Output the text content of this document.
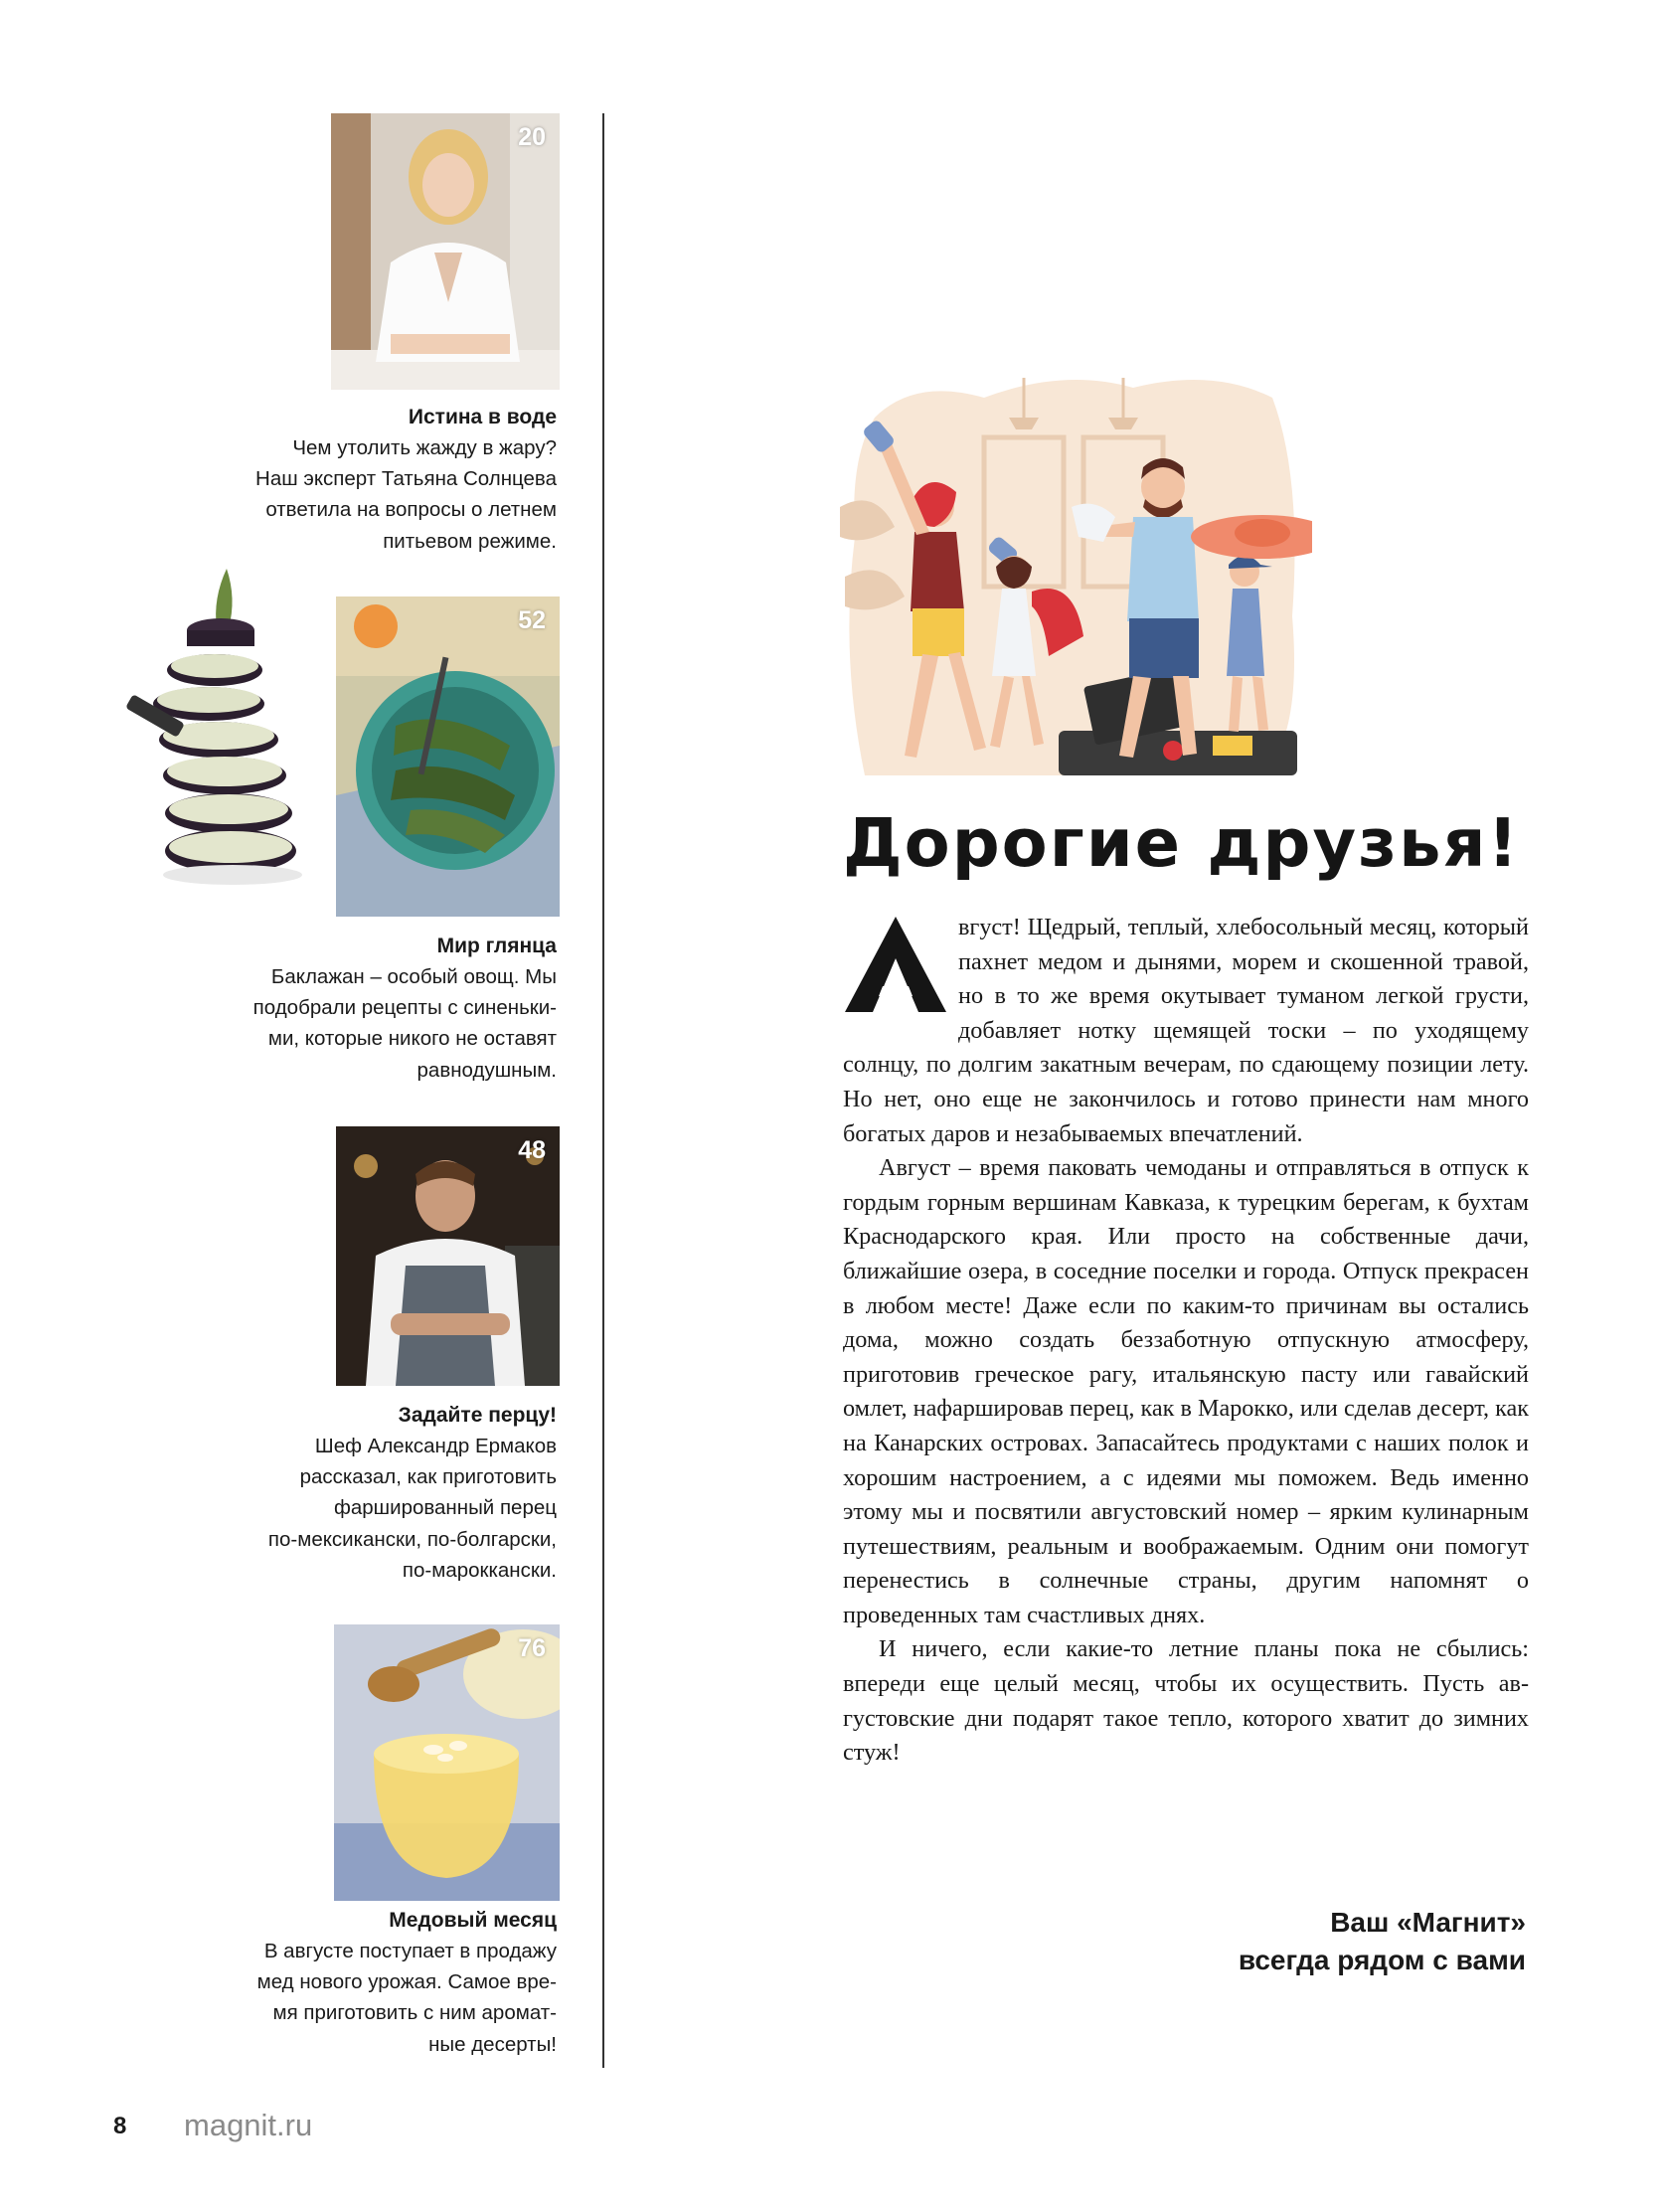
20
Истина в воде
Чем утолить жажду в жару?
Наш эксперт Татьяна Солнцева
ответила на вопросы о летнем
питьевом режиме.
52
Мир глянца
Баклажан – особый овощ. Мы
подобрали рецепты с синеньки-
ми, которые никого не оставят
равнодушным.
48
Задайте перцу!
Шеф Александр Ермаков
рассказал, как приготовить
фаршированный перец
по-мексикански, по-болгарски,
по-мароккански.
76
Медовый месяц
В августе поступает в продажу
мед нового урожая. Самое вре-
мя приготовить с ним аромат-
ные десерты!
Дорогие друзья!

вгуст! Щедрый, теплый, хлебосольный месяц, который пахнет медом и дынями, морем и скошенной травой, но в то же время окутывает туманом легкой грусти, добавляет нотку щемящей тоски – по уходящему солнцу, по долгим закатным вечерам, по сдающему позиции лету. Но нет, оно еще не закончилось и готово принести нам много богатых даров и незабываемых впечатлений.

Август – время паковать чемоданы и отправляться в отпуск к гордым горным вершинам Кавказа, к турецким берегам, к бухтам Краснодарского края. Или просто на собственные дачи, ближайшие озера, в соседние поселки и города. Отпуск прекрасен в любом месте! Даже если по каким-то причинам вы остались дома, можно создать беззаботную отпускную атмосферу, приготовив греческое рагу, итальянскую пасту или гавайский омлет, нафаршировав перец, как в Марокко, или сделав десерт, как на Канарских островах. Запасайтесь продуктами с наших полок и хорошим настроением, а с идеями мы поможем. Ведь именно этому мы и посвятили августовский номер – ярким кулинарным путешествиям, реальным и воображаемым. Одним они помогут перенестись в солнечные страны, другим напомнят о проведенных там счастливых днях.

И ничего, если какие-то летние планы пока не сбылись: впереди еще целый месяц, чтобы их осуществить. Пусть августовские дни подарят такое тепло, которого хватит до зимних стуж!

Ваш «Магнит»
всегда рядом с вами
8 magnit.ru
